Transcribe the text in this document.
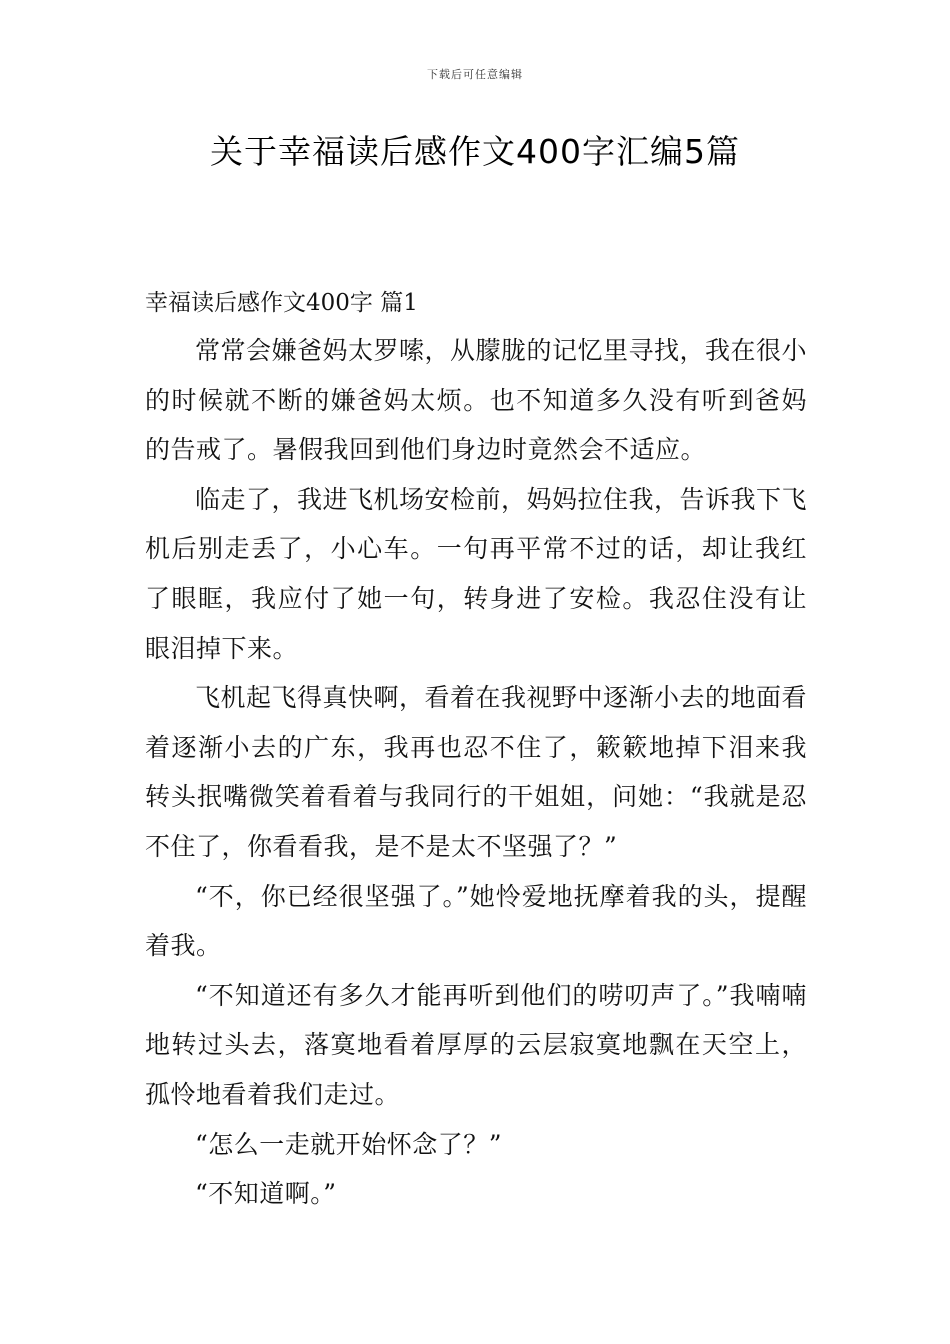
下载后可任意编辑
关于幸福读后感作文400字汇编5篇
幸福读后感作文400字 篇1

常常会嫌爸妈太罗嗦，从朦胧的记忆里寻找，我在很小的时候就不断的嫌爸妈太烦。也不知道多久没有听到爸妈的告戒了。暑假我回到他们身边时竟然会不适应。

临走了，我进飞机场安检前，妈妈拉住我，告诉我下飞机后别走丢了，小心车。一句再平常不过的话，却让我红了眼眶，我应付了她一句，转身进了安检。我忍住没有让眼泪掉下来。

飞机起飞得真快啊，看着在我视野中逐渐小去的地面看着逐渐小去的广东，我再也忍不住了，簌簌地掉下泪来我转头抿嘴微笑着看着与我同行的干姐姐，问她：“我就是忍不住了，你看看我，是不是太不坚强了？”

“不，你已经很坚强了。”她怜爱地抚摩着我的头，提醒着我。

“不知道还有多久才能再听到他们的唠叨声了。”我喃喃地转过头去，落寞地看着厚厚的云层寂寞地飘在天空上，孤怜地看着我们走过。

“怎么一走就开始怀念了？”

“不知道啊。”
